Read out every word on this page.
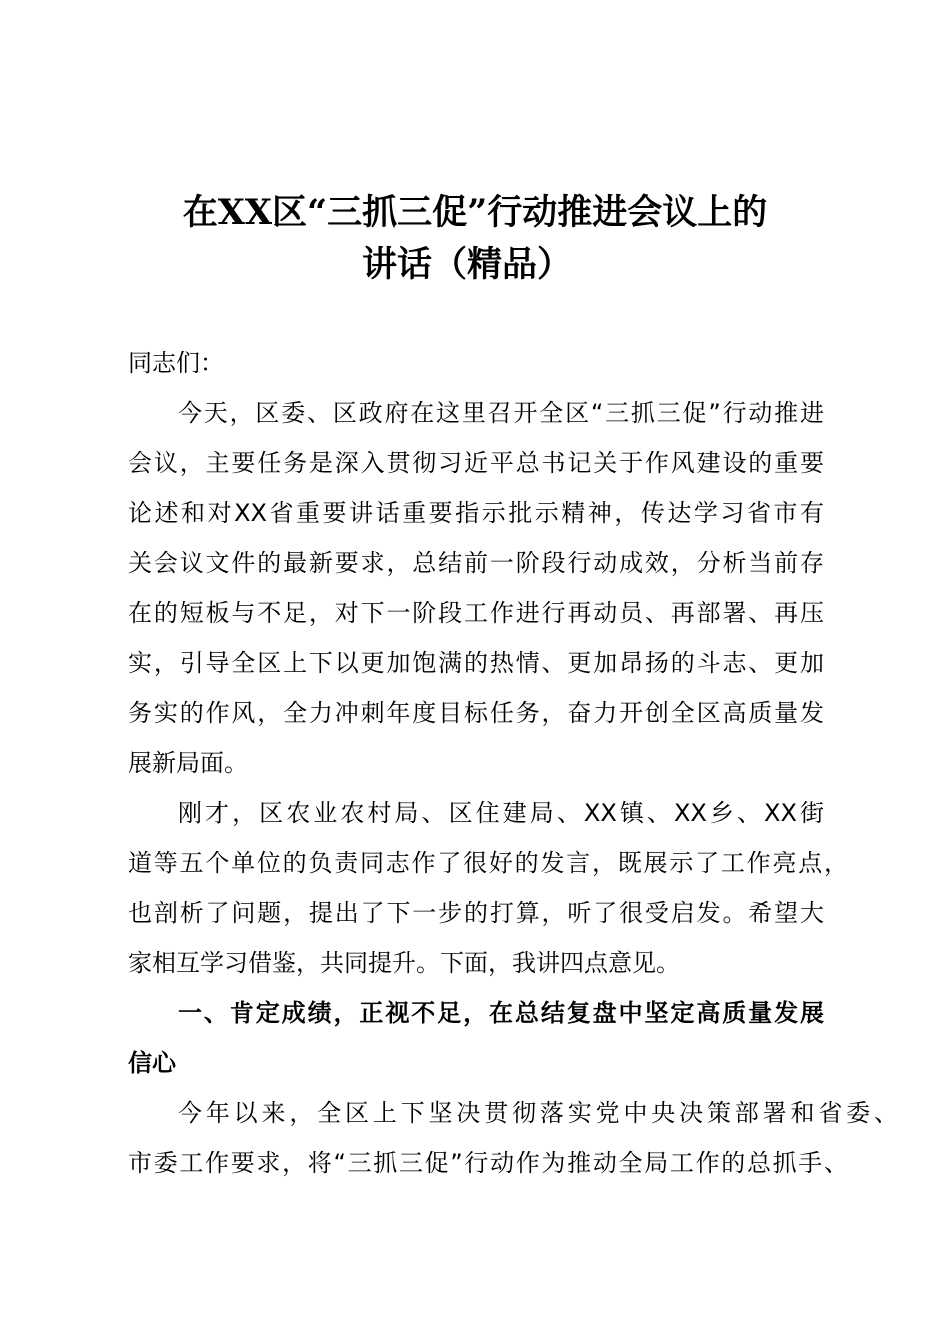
在XX区“三抓三促”行动推进会议上的
讲话（精品）
同志们：
今天，区委、区政府在这里召开全区“三抓三促”行动推进
会议，主要任务是深入贯彻习近平总书记关于作风建设的重要
论述和对XX省重要讲话重要指示批示精神，传达学习省市有
关会议文件的最新要求，总结前一阶段行动成效，分析当前存
在的短板与不足，对下一阶段工作进行再动员、再部署、再压
实，引导全区上下以更加饱满的热情、更加昂扬的斗志、更加
务实的作风，全力冲刺年度目标任务，奋力开创全区高质量发
展新局面。
刚才，区农业农村局、区住建局、XX镇、XX乡、XX街
道等五个单位的负责同志作了很好的发言，既展示了工作亮点，
也剖析了问题，提出了下一步的打算，听了很受启发。希望大
家相互学习借鉴，共同提升。下面，我讲四点意见。
一、肯定成绩，正视不足，在总结复盘中坚定高质量发展
信心
今年以来，全区上下坚决贯彻落实党中央决策部署和省委、
市委工作要求，将“三抓三促”行动作为推动全局工作的总抓手、
